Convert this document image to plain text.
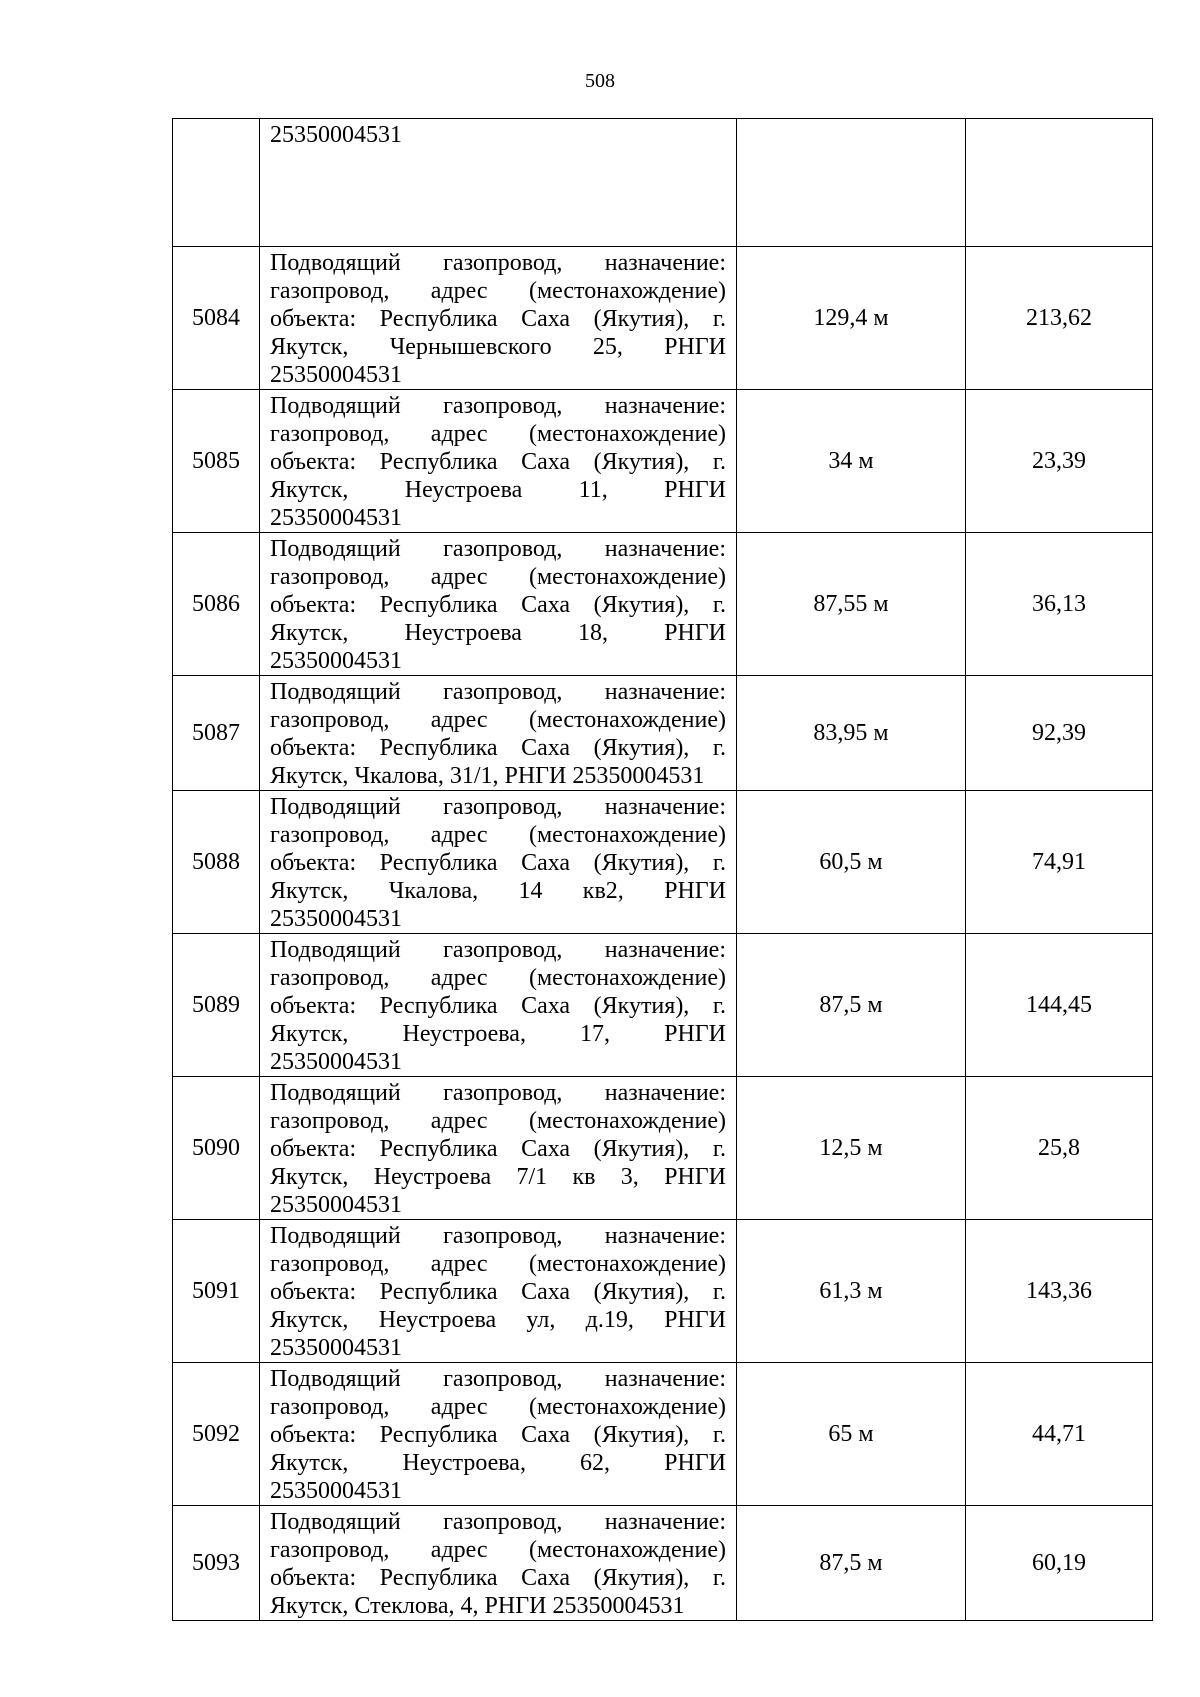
508

	25350004531		

5084	Подводящий газопровод, назначение:
газопровод, адрес (местонахождение)
объекта: Республика Саха (Якутия), г.
Якутск, Чернышевского 25, РНГИ
25350004531	129,4 м	213,62
5085	Подводящий газопровод, назначение:
газопровод, адрес (местонахождение)
объекта: Республика Саха (Якутия), г.
Якутск, Неустроева 11, РНГИ
25350004531	34 м	23,39
5086	Подводящий газопровод, назначение:
газопровод, адрес (местонахождение)
объекта: Республика Саха (Якутия), г.
Якутск, Неустроева 18, РНГИ
25350004531	87,55 м	36,13
5087	Подводящий газопровод, назначение:
газопровод, адрес (местонахождение)
объекта: Республика Саха (Якутия), г.
Якутск, Чкалова, 31/1, РНГИ 25350004531	83,95 м	92,39
5088	Подводящий газопровод, назначение:
газопровод, адрес (местонахождение)
объекта: Республика Саха (Якутия), г.
Якутск, Чкалова, 14 кв2, РНГИ
25350004531	60,5 м	74,91
5089	Подводящий газопровод, назначение:
газопровод, адрес (местонахождение)
объекта: Республика Саха (Якутия), г.
Якутск, Неустроева, 17, РНГИ
25350004531	87,5 м	144,45
5090	Подводящий газопровод, назначение:
газопровод, адрес (местонахождение)
объекта: Республика Саха (Якутия), г.
Якутск, Неустроева 7/1 кв 3, РНГИ
25350004531	12,5 м	25,8
5091	Подводящий газопровод, назначение:
газопровод, адрес (местонахождение)
объекта: Республика Саха (Якутия), г.
Якутск, Неустроева ул, д.19, РНГИ
25350004531	61,3 м	143,36
5092	Подводящий газопровод, назначение:
газопровод, адрес (местонахождение)
объекта: Республика Саха (Якутия), г.
Якутск, Неустроева, 62, РНГИ
25350004531	65 м	44,71
5093	Подводящий газопровод, назначение:
газопровод, адрес (местонахождение)
объекта: Республика Саха (Якутия), г.
Якутск, Стеклова, 4, РНГИ 25350004531	87,5 м	60,19
